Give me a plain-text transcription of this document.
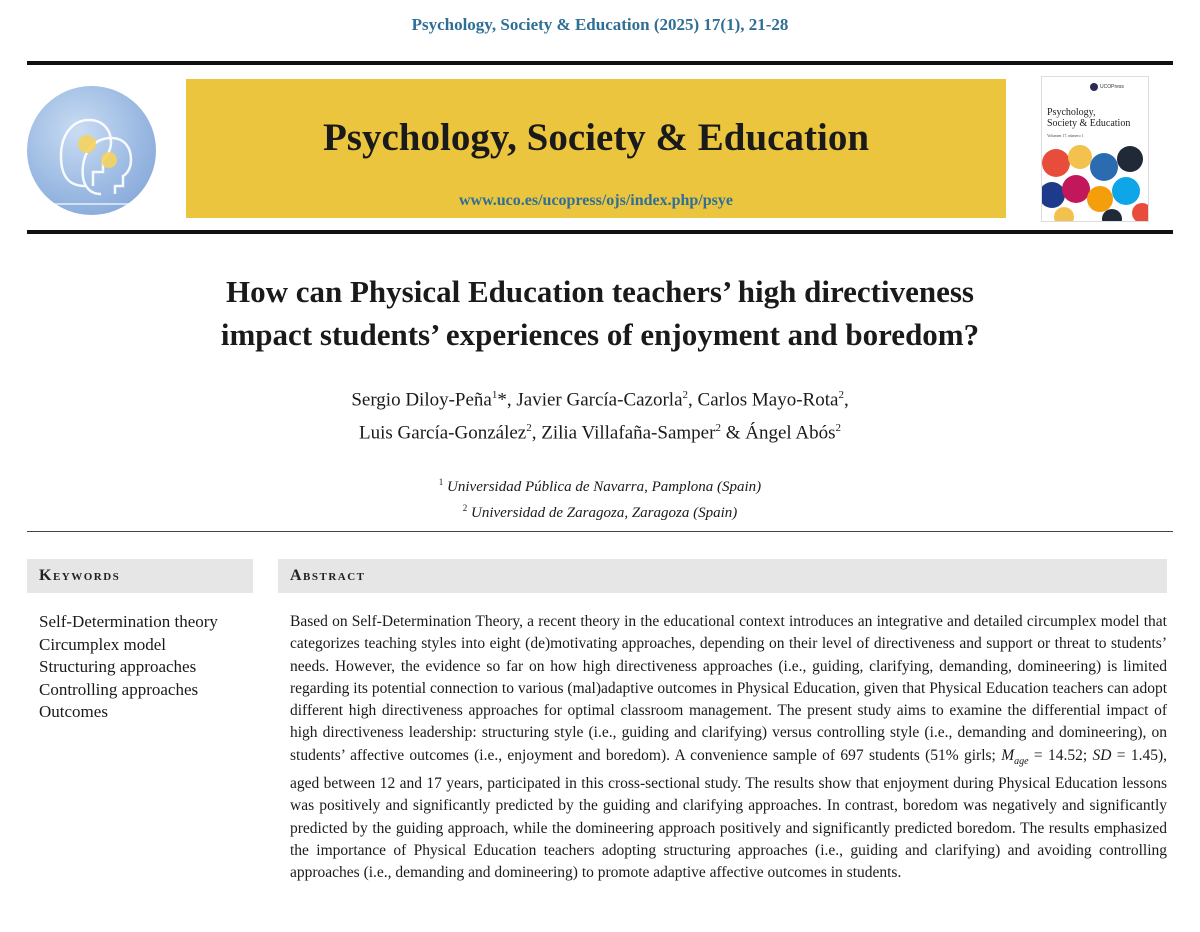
Psychology, Society & Education (2025) 17(1), 21-28
Psychology, Society & Education
www.uco.es/ucopress/ojs/index.php/psye
UCOPress
Psychology,
Society & Education
Volumen 17, número 1
How can Physical Education teachers’ high directiveness
impact students’ experiences of enjoyment and boredom?
Sergio Diloy-Peña$^1$*, Javier García-Cazorla$^2$, Carlos Mayo-Rota$^2$,
Luis García-González$^2$, Zilia Villafaña-Samper$^2$ & Ángel Abós$^2$
$^1$ Universidad Pública de Navarra, Pamplona (Spain)
$^2$ Universidad de Zaragoza, Zaragoza (Spain)
Keywords
Self-Determination theory
Circumplex model
Structuring approaches
Controlling approaches
Outcomes
Abstract

Based on Self-Determination Theory, a recent theory in the educational context introduces an integrative and detailed circumplex model that categorizes teaching styles into eight (de)motivating approaches, depending on their level of directiveness and support or threat to students’ needs. However, the evidence so far on how high directiveness approaches (i.e., guiding, clarifying, demanding, domineering) is limited regarding its potential connection to various (mal)adaptive outcomes in Physical Education, given that Physical Education teachers can adopt different high directiveness approaches for optimal classroom management. The present study aims to examine the differential impact of high directiveness leadership: structuring style (i.e., guiding and clarifying) versus controlling style (i.e., demanding and domineering), on students’ affective outcomes (i.e., enjoyment and boredom). A convenience sample of 697 students (51% girls; $M_{age} = 14.52$; SD = 1.45), aged between 12 and 17 years, participated in this cross-sectional study. The results show that enjoyment during Physical Education lessons was positively and significantly predicted by the guiding and clarifying approaches. In contrast, boredom was negatively and significantly predicted by the guiding approach, while the domineering approach positively and significantly predicted boredom. The results emphasized the importance of Physical Education teachers adopting structuring approaches (i.e., guiding and clarifying) and avoiding controlling approaches (i.e., demanding and domineering) to promote adaptive affective outcomes in students.
